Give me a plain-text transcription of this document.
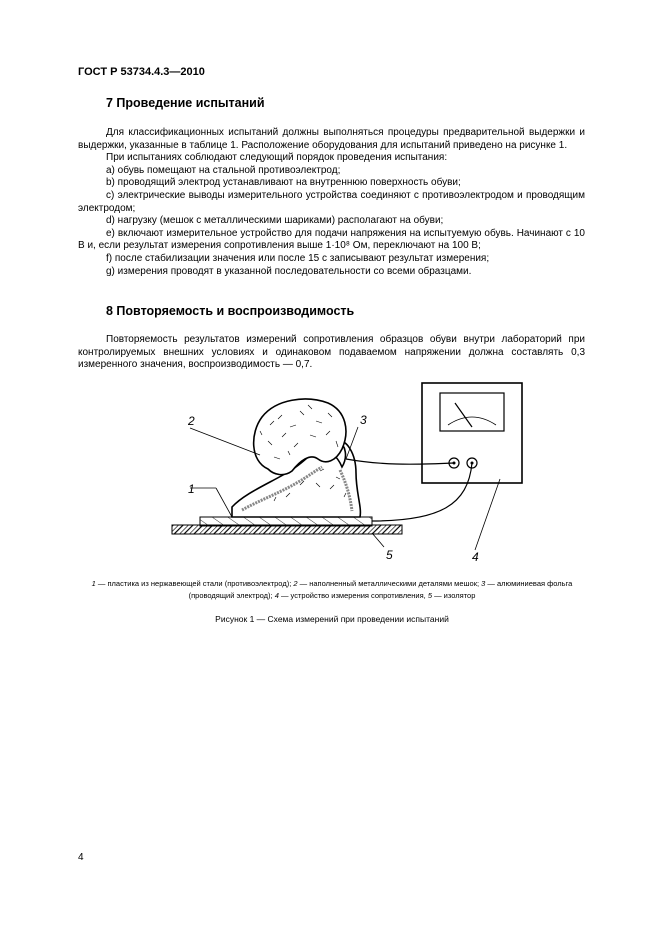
ГОСТ Р 53734.4.3—2010
7 Проведение испытаний

Для классификационных испытаний должны выполняться процедуры предварительной выдержки и выдержки, указанные в таблице 1. Расположение оборудования для испытаний приведено на рисунке 1.

При испытаниях соблюдают следующий порядок проведения испытания:

a) обувь помещают на стальной противоэлектрод;

b) проводящий электрод устанавливают на внутреннюю поверхность обуви;

c) электрические выводы измерительного устройства соединяют с противоэлектродом и проводящим электродом;

d) нагрузку (мешок с металлическими шариками) располагают на обуви;

e) включают измерительное устройство для подачи напряжения на испытуемую обувь. Начинают с 10 В и, если результат измерения сопротивления выше 1·10⁸ Ом, переключают на 100 В;

f) после стабилизации значения или после 15 с записывают результат измерения;

g) измерения проводят в указанной последовательности со всеми образцами.

8 Повторяемость и воспроизводимость

Повторяемость результатов измерений сопротивления образцов обуви внутри лабораторий при контролируемых внешних условиях и одинаковом подаваемом напряжении должна составлять 0,3 измеренного значения, воспроизводимость — 0,7.

1
2	3
4
5
1 — пластика из нержавеющей стали (противоэлектрод); 2 — наполненный металлическими деталями мешок; 3 — алюминиевая фольга (проводящий электрод); 4 — устройство измерения сопротивления, 5 — изолятор
Рисунок 1 — Схема измерений при проведении испытаний
4
